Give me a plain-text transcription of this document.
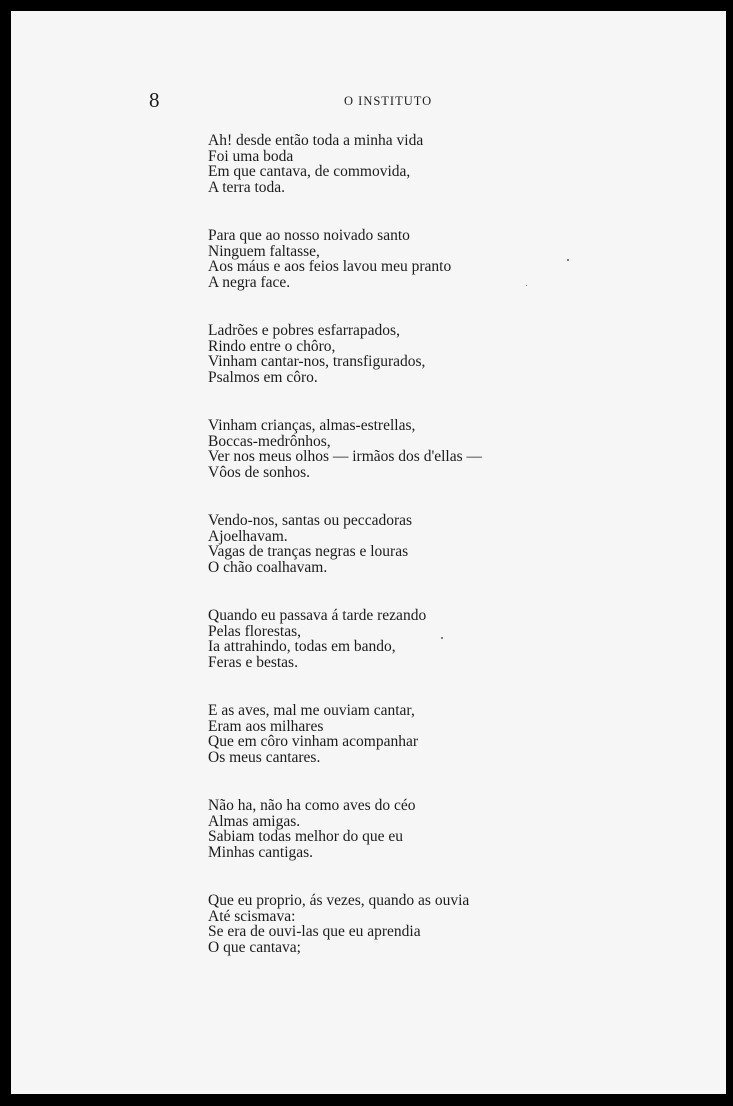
8	O INSTITUTO
Ah! desde então toda a minha vida
Foi uma boda
Em que cantava, de commovida,
A terra toda.
Para que ao nosso noivado santo
Ninguem faltasse,
Aos máus e aos feios lavou meu pranto
A negra face.
Ladrões e pobres esfarrapados,
Rindo entre o chôro,
Vinham cantar-nos, transfigurados,
Psalmos em côro.
Vinham crianças, almas-estrellas,
Boccas-medrônhos,
Ver nos meus olhos — irmãos dos d'ellas —
Vôos de sonhos.
Vendo-nos, santas ou peccadoras
Ajoelhavam.
Vagas de tranças negras e louras
O chão coalhavam.
Quando eu passava á tarde rezando
Pelas florestas,
Ia attrahindo, todas em bando,
Feras e bestas.
E as aves, mal me ouviam cantar,
Eram aos milhares
Que em côro vinham acompanhar
Os meus cantares.
Não ha, não ha como aves do céo
Almas amigas.
Sabiam todas melhor do que eu
Minhas cantigas.
Que eu proprio, ás vezes, quando as ouvia
Até scismava:
Se era de ouvi-las que eu aprendia
O que cantava;
